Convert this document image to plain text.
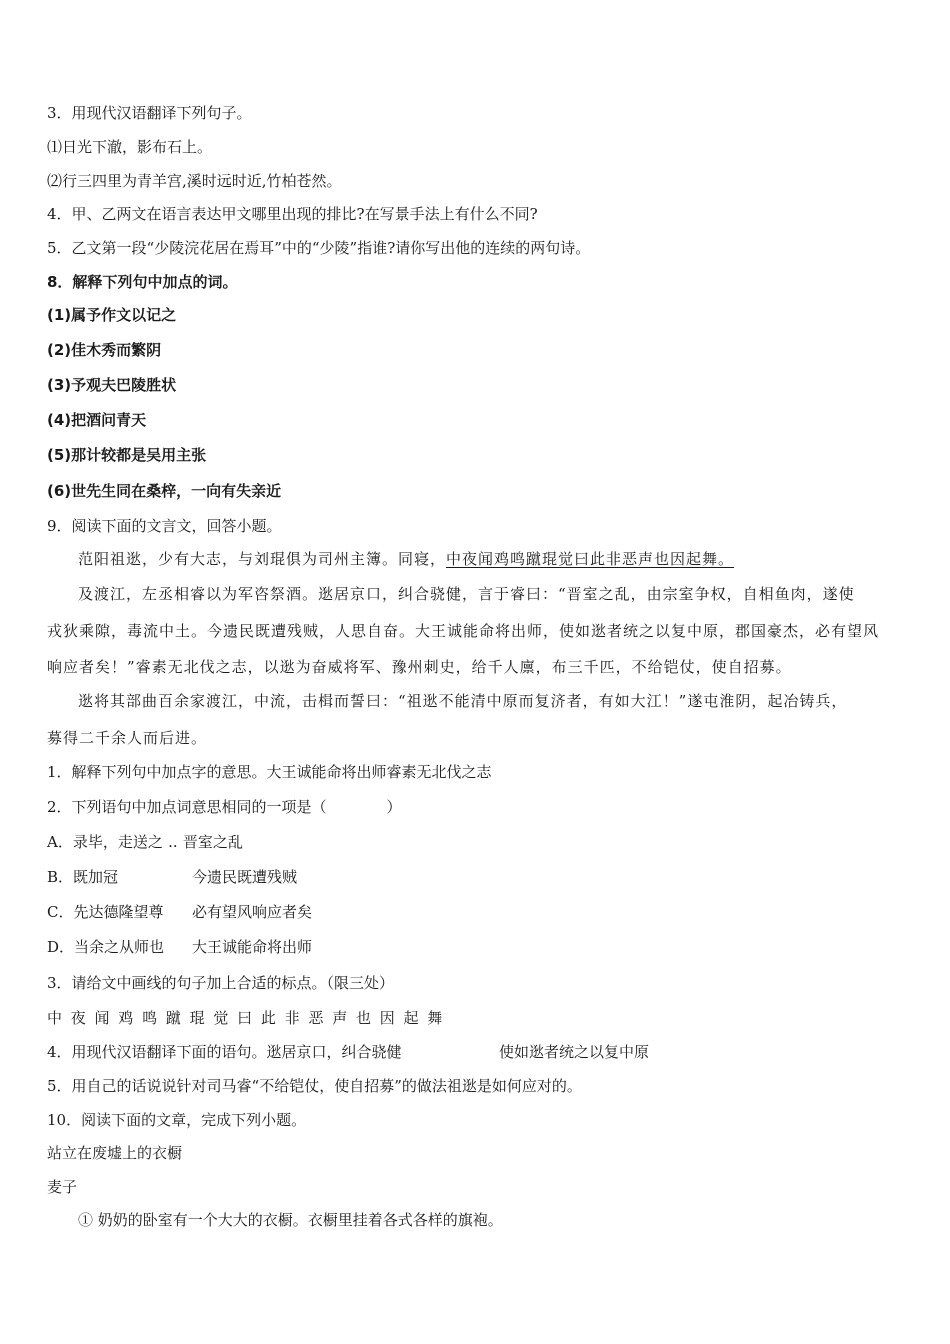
3．用现代汉语翻译下列句子。
⑴日光下澈，影布石上。
⑵行三四里为青羊宫,溪时远时近,竹柏苍然。
4．甲、乙两文在语言表达甲文哪里出现的排比?在写景手法上有什么不同?
5．乙文第一段“少陵浣花居在焉耳”中的“少陵”指谁?请你写出他的连续的两句诗。
8．解释下列句中加点的词。
(1)属予作文以记之
(2)佳木秀而繁阴
(3)予观夫巴陵胜状
(4)把酒问青天
(5)那计较都是吴用主张
(6)世先生同在桑梓，一向有失亲近
9．阅读下面的文言文，回答小题。
范阳祖逖，少有大志，与刘琨俱为司州主簿。同寝，中夜闻鸡鸣蹴琨觉曰此非恶声也因起舞。
及渡江，左丞相睿以为军咨祭酒。逖居京口，纠合骁健，言于睿曰：“晋室之乱，由宗室争权，自相鱼肉，遂使
戎狄乘隙，毒流中土。今遗民既遭残贼，人思自奋。大王诚能命将出师，使如逖者统之以复中原，郡国豪杰，必有望风
响应者矣！”睿素无北伐之志，以逖为奋威将军、豫州刺史，给千人廪，布三千匹，不给铠仗，使自招募。
逖将其部曲百余家渡江，中流，击楫而誓曰：“祖逖不能清中原而复济者，有如大江！”遂屯淮阴，起冶铸兵，
募得二千余人而后进。
1．解释下列句中加点字的意思。大王诚能命将出师睿素无北伐之志
2．下列语句中加点词意思相同的一项是（　　　　）
A．录毕，走送之 .. 晋室之乱
B．既加冠	今遗民既遭残贼
C．先达德隆望尊 必有望风响应者矣
D．当余之从师也 大王诚能命将出师
3．请给文中画线的句子加上合适的标点。（限三处）
中 夜 闻 鸡 鸣 蹴 琨 觉 曰 此 非 恶 声 也 因 起 舞
4．用现代汉语翻译下面的语句。逖居京口，纠合骁健	使如逖者统之以复中原
5．用自己的话说说针对司马睿“不给铠仗，使自招募”的做法祖逖是如何应对的。
10．阅读下面的文章，完成下列小题。
站立在废墟上的衣橱
麦子
① 奶奶的卧室有一个大大的衣橱。衣橱里挂着各式各样的旗袍。
